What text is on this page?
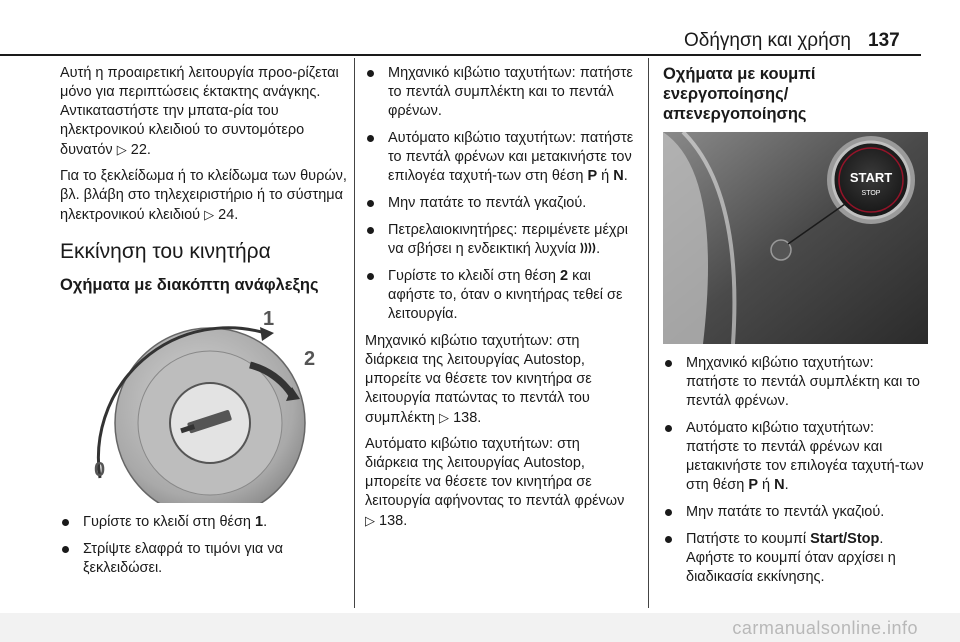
Οδήγηση και χρήση 137

Αυτή η προαιρετική λειτουργία προο-ρίζεται μόνο για περιπτώσεις έκτακτης ανάγκης. Αντικαταστήστε την μπατα-ρία του ηλεκτρονικού κλειδιού το συντομότερο δυνατόν ▷ 22.

Για το ξεκλείδωμα ή το κλείδωμα των θυρών, βλ. βλάβη στο τηλεχειριστήριο ή το σύστημα ηλεκτρονικού κλειδιού ▷ 24.

Εκκίνηση του κινητήρα
Οχήματα με διακόπτη ανάφλεξης
1
2
0
Γυρίστε το κλειδί στη θέση 1.
Στρίψτε ελαφρά το τιμόνι για να ξεκλειδώσει.
Μηχανικό κιβώτιο ταχυτήτων: πατήστε το πεντάλ συμπλέκτη και το πεντάλ φρένων.
Αυτόματο κιβώτιο ταχυτήτων: πατήστε το πεντάλ φρένων και μετακινήστε τον επιλογέα ταχυτή-των στη θέση P ή N.
Μην πατάτε το πεντάλ γκαζιού.
Πετρελαιοκινητήρες: περιμένετε μέχρι να σβήσει η ενδεικτική λυχνία .
Γυρίστε το κλειδί στη θέση 2 και αφήστε το, όταν ο κινητήρας τεθεί σε λειτουργία.

Μηχανικό κιβώτιο ταχυτήτων: στη διάρκεια της λειτουργίας Autostop, μπορείτε να θέσετε τον κινητήρα σε λειτουργία πατώντας το πεντάλ του συμπλέκτη ▷ 138.

Αυτόματο κιβώτιο ταχυτήτων: στη διάρκεια της λειτουργίας Autostop, μπορείτε να θέσετε τον κινητήρα σε λειτουργία αφήνοντας το πεντάλ φρένων ▷ 138.

Οχήματα με κουμπί ενεργοποίησης/ απενεργοποίησης
START
STOP
Μηχανικό κιβώτιο ταχυτήτων: πατήστε το πεντάλ συμπλέκτη και το πεντάλ φρένων.
Αυτόματο κιβώτιο ταχυτήτων: πατήστε το πεντάλ φρένων και μετακινήστε τον επιλογέα ταχυτή-των στη θέση P ή N.
Μην πατάτε το πεντάλ γκαζιού.
Πατήστε το κουμπί Start/Stop. Αφήστε το κουμπί όταν αρχίσει η διαδικασία εκκίνησης.
carmanualsonline.info
